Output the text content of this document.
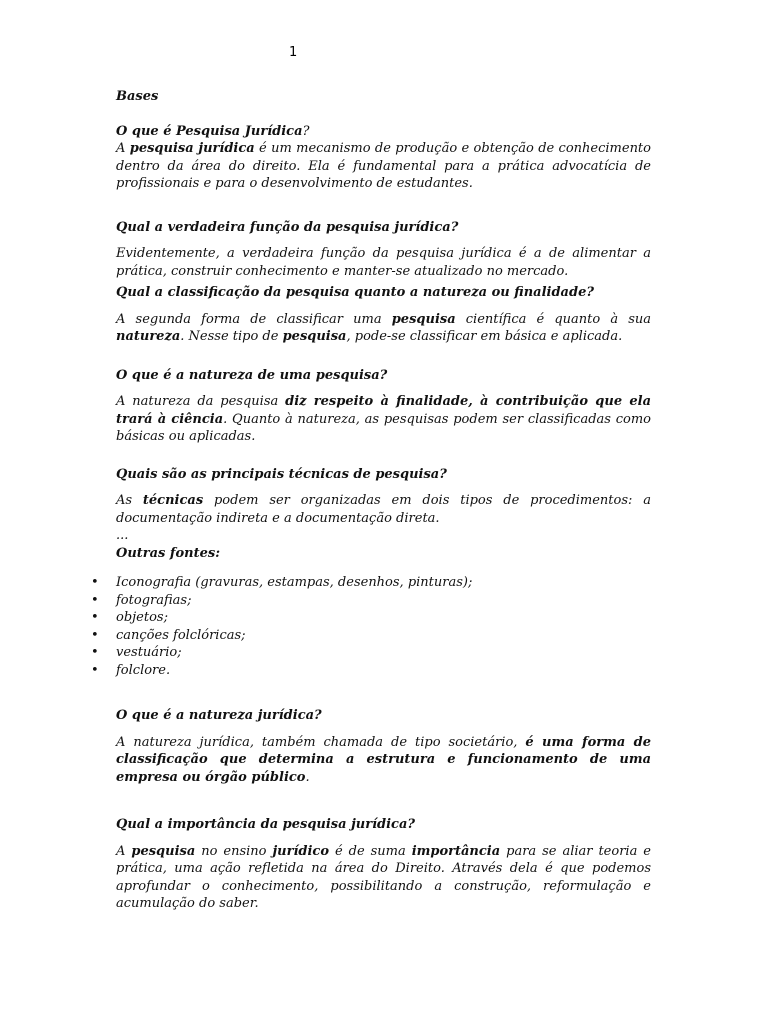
1

Bases

O que é Pesquisa Jurídica?

A pesquisa jurídica é um mecanismo de produção e obtenção de conhecimento dentro da área do direito. Ela é fundamental para a prática advocatícia de profissionais e para o desenvolvimento de estudantes.

Qual a verdadeira função da pesquisa jurídica?

Evidentemente, a verdadeira função da pesquisa jurídica é a de alimentar a prática, construir conhecimento e manter-se atualizado no mercado.

Qual a classificação da pesquisa quanto a natureza ou finalidade?

A segunda forma de classificar uma pesquisa científica é quanto à sua natureza. Nesse tipo de pesquisa, pode-se classificar em básica e aplicada.

O que é a natureza de uma pesquisa?

A natureza da pesquisa diz respeito à finalidade, à contribuição que ela trará à ciência. Quanto à natureza, as pesquisas podem ser classificadas como básicas ou aplicadas.

Quais são as principais técnicas de pesquisa?

As técnicas podem ser organizadas em dois tipos de procedimentos: a documentação indireta e a documentação direta.

...

Outras fontes:

• Iconografia (gravuras, estampas, desenhos, pinturas);
• fotografias;
• objetos;
• canções folclóricas;
• vestuário;
• folclore.

O que é a natureza jurídica?

A natureza jurídica, também chamada de tipo societário, é uma forma de classificação que determina a estrutura e funcionamento de uma empresa ou órgão público.

Qual a importância da pesquisa jurídica?

A pesquisa no ensino jurídico é de suma importância para se aliar teoria e prática, uma ação refletida na área do Direito. Através dela é que podemos aprofundar o conhecimento, possibilitando a construção, reformulação e acumulação do saber.
